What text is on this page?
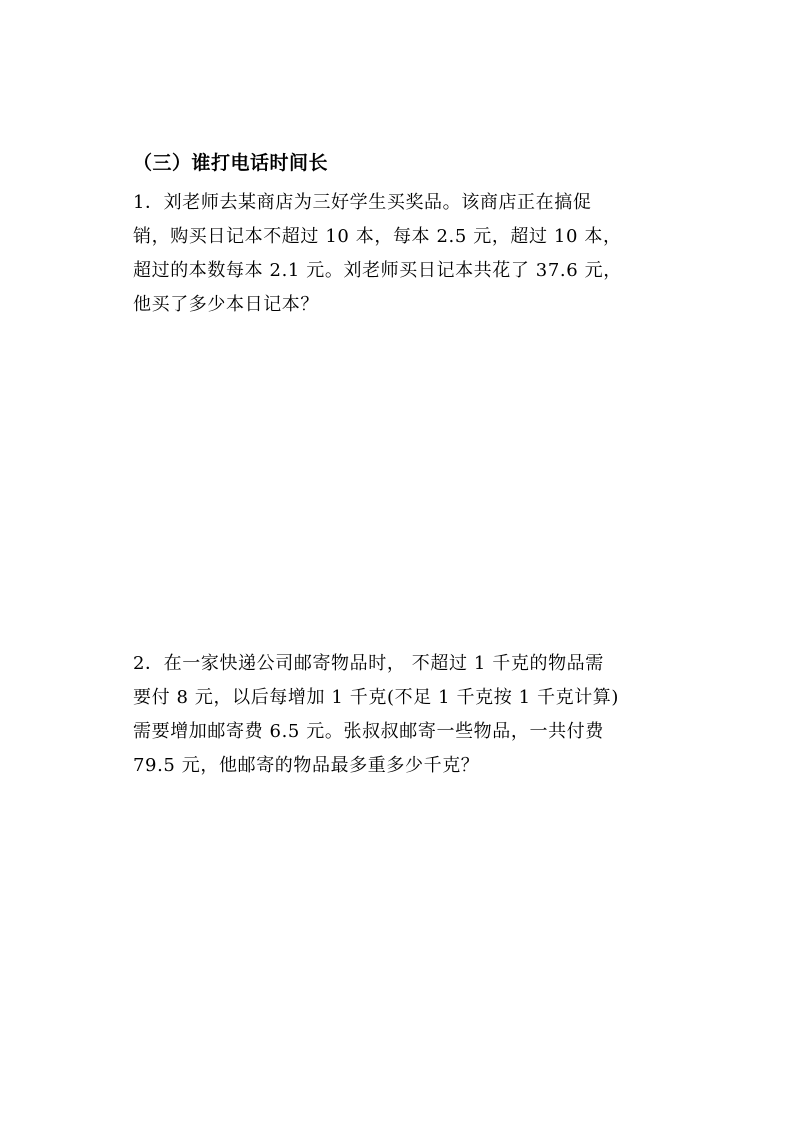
（三）谁打电话时间长
1．刘老师去某商店为三好学生买奖品。该商店正在搞促
销，购买日记本不超过 10 本，每本 2.5 元，超过 10 本，
超过的本数每本 2.1 元。刘老师买日记本共花了 37.6 元，
他买了多少本日记本？
2．在一家快递公司邮寄物品时， 不超过 1 千克的物品需
要付 8 元，以后每增加 1 千克(不足 1 千克按 1 千克计算)
需要增加邮寄费 6.5 元。张叔叔邮寄一些物品，一共付费
79.5 元，他邮寄的物品最多重多少千克？
